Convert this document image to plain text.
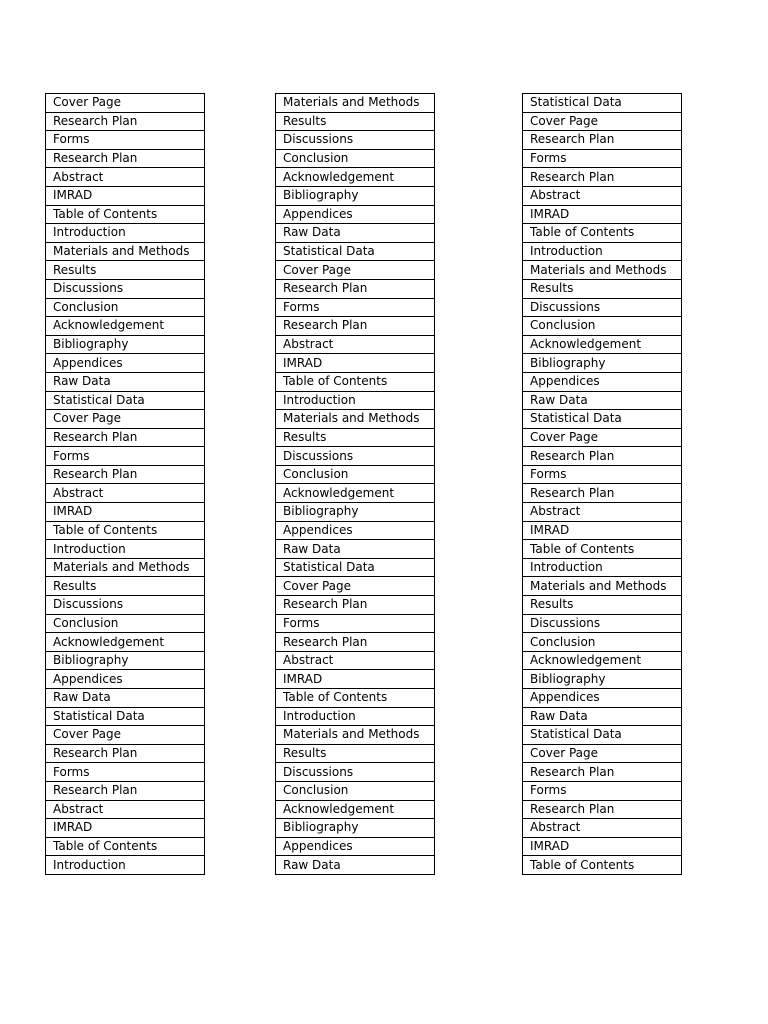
Cover Page
Research Plan
Forms
Research Plan
Abstract
IMRAD
Table of Contents
Introduction
Materials and Methods
Results
Discussions
Conclusion
Acknowledgement
Bibliography
Appendices
Raw Data
Statistical Data
Cover Page
Research Plan
Forms
Research Plan
Abstract
IMRAD
Table of Contents
Introduction
Materials and Methods
Results
Discussions
Conclusion
Acknowledgement
Bibliography
Appendices
Raw Data
Statistical Data
Cover Page
Research Plan
Forms
Research Plan
Abstract
IMRAD
Table of Contents
Introduction
Materials and Methods
Results
Discussions
Conclusion
Acknowledgement
Bibliography
Appendices
Raw Data
Statistical Data
Cover Page
Research Plan
Forms
Research Plan
Abstract
IMRAD
Table of Contents
Introduction
Materials and Methods
Results
Discussions
Conclusion
Acknowledgement
Bibliography
Appendices
Raw Data
Statistical Data
Cover Page
Research Plan
Forms
Research Plan
Abstract
IMRAD
Table of Contents
Introduction
Materials and Methods
Results
Discussions
Conclusion
Acknowledgement
Bibliography
Appendices
Raw Data
Statistical Data
Cover Page
Research Plan
Forms
Research Plan
Abstract
IMRAD
Table of Contents
Introduction
Materials and Methods
Results
Discussions
Conclusion
Acknowledgement
Bibliography
Appendices
Raw Data
Statistical Data
Cover Page
Research Plan
Forms
Research Plan
Abstract
IMRAD
Table of Contents
Introduction
Materials and Methods
Results
Discussions
Conclusion
Acknowledgement
Bibliography
Appendices
Raw Data
Statistical Data
Cover Page
Research Plan
Forms
Research Plan
Abstract
IMRAD
Table of Contents
